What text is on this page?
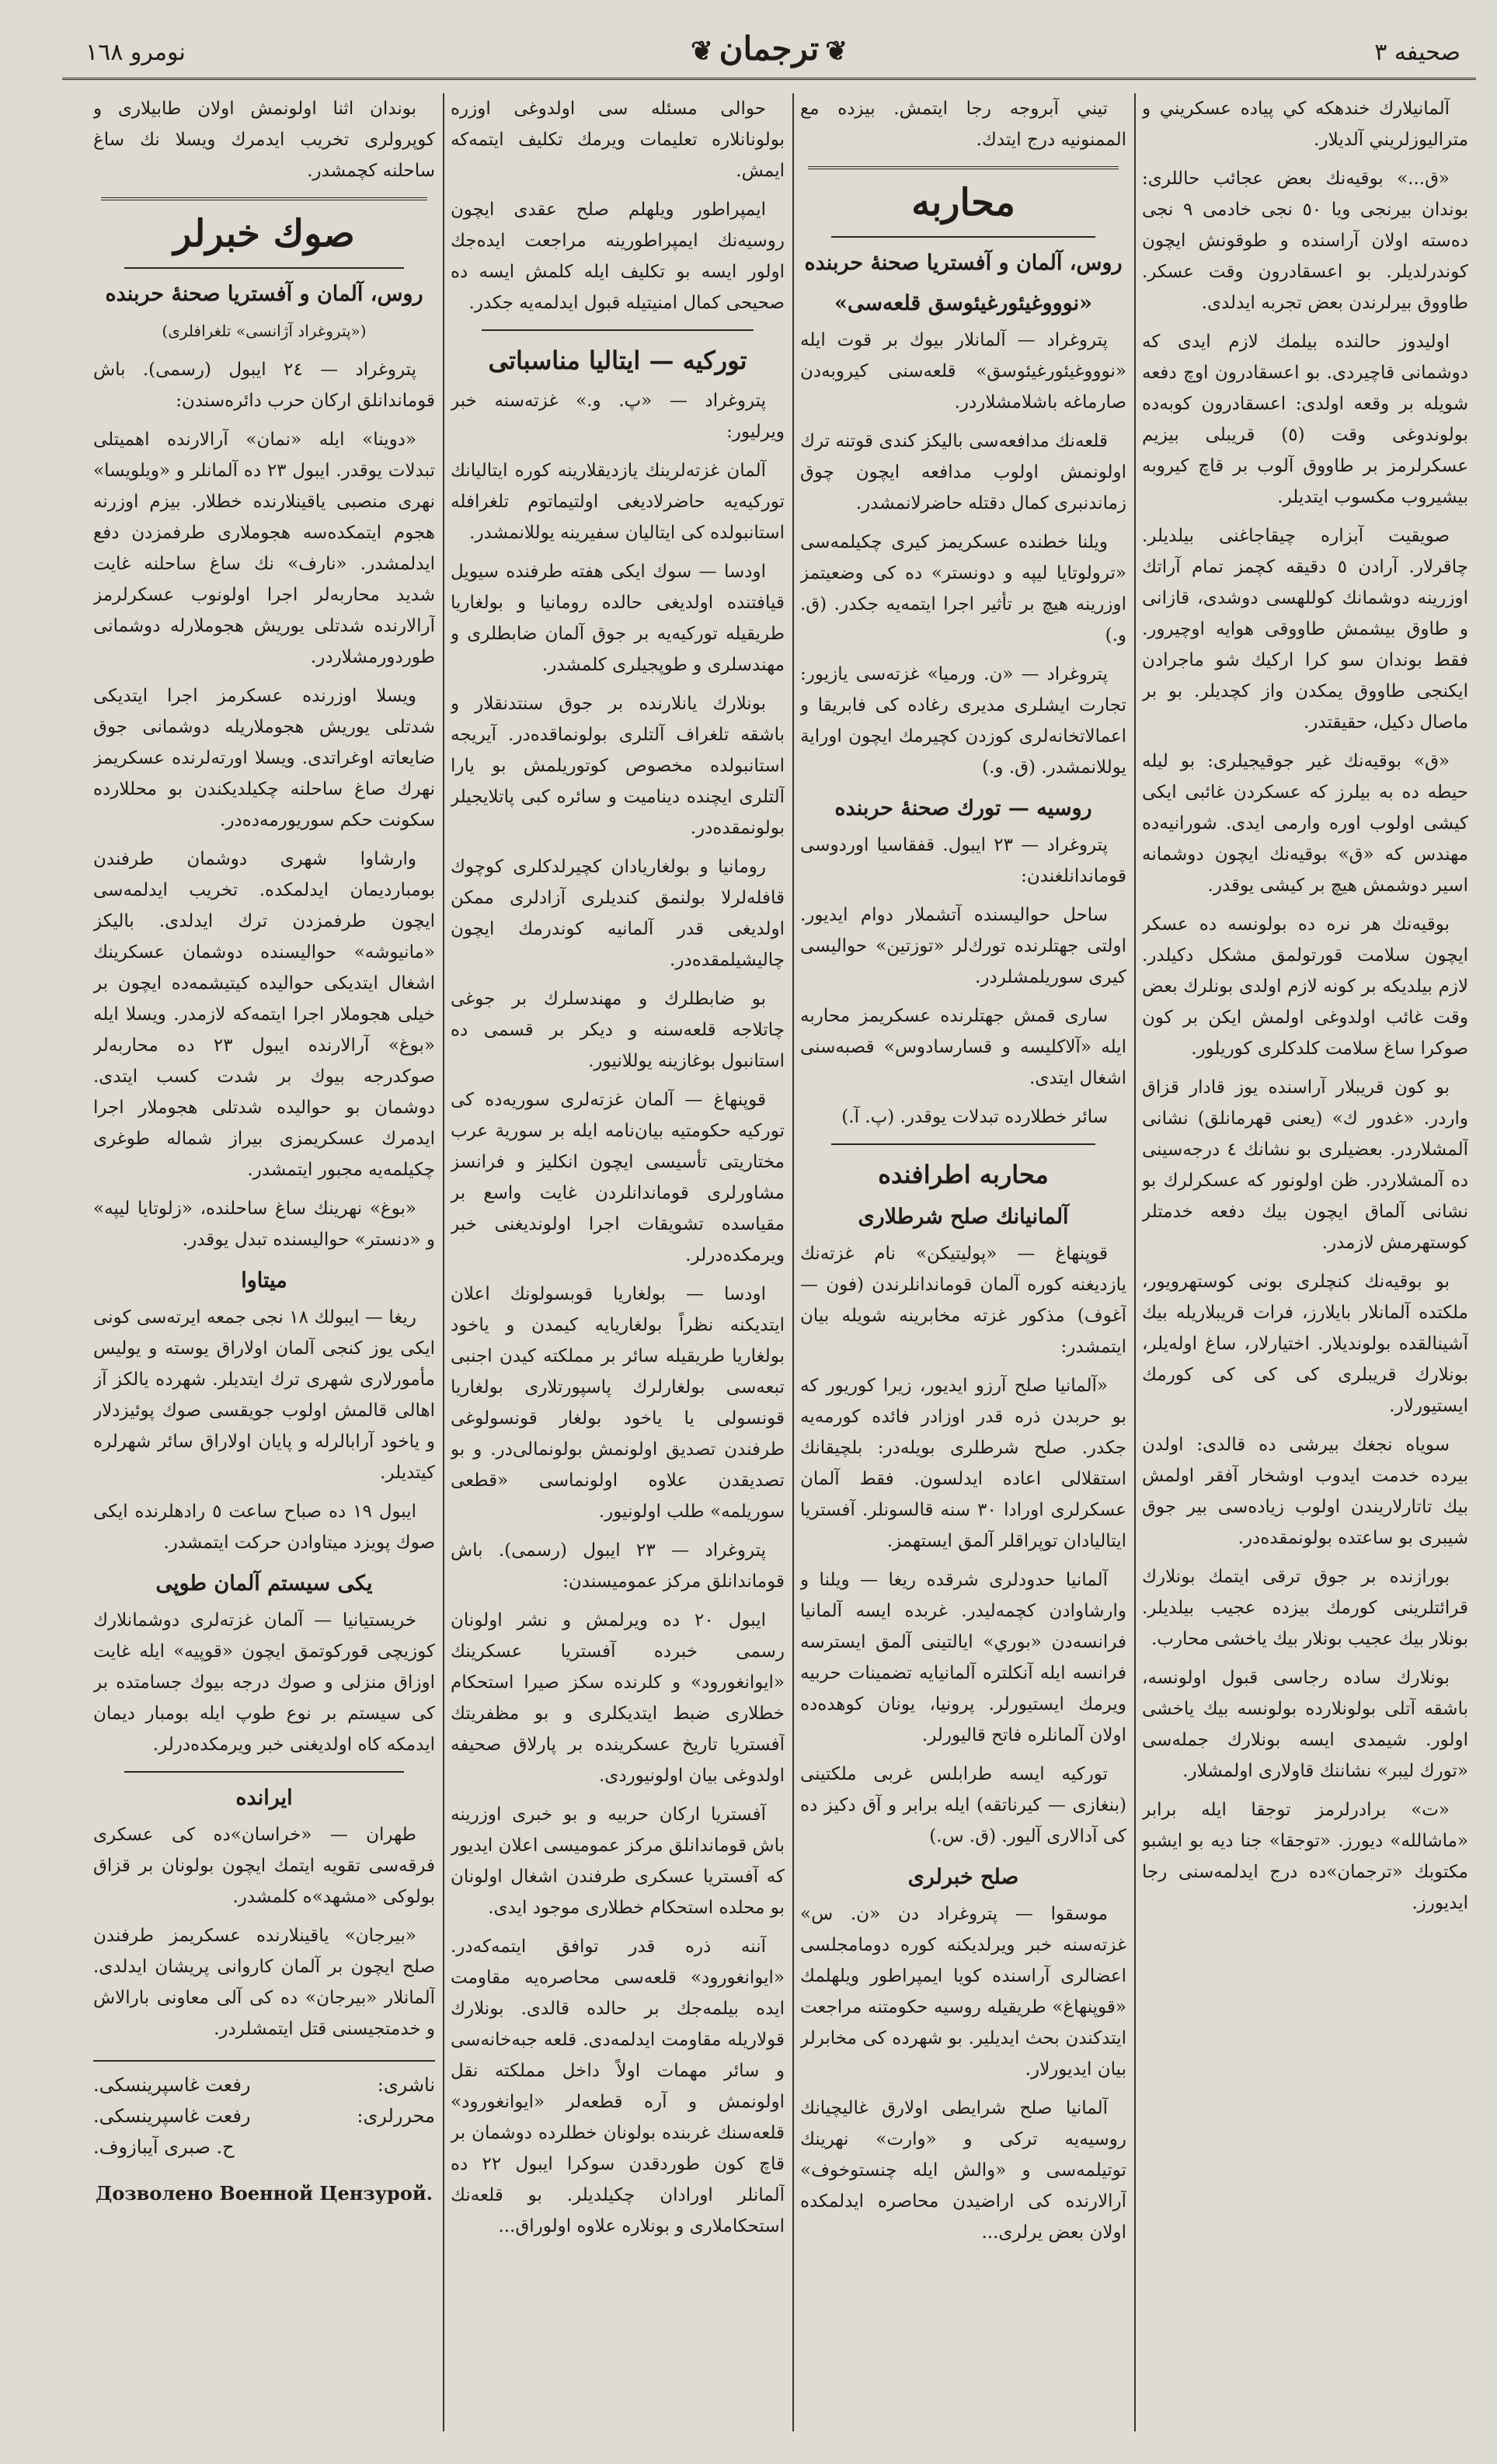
صحيفه ٣
❦ترجمان❦
نومرو ١٦٨

آلمانيلارك خندهكه كي پياده عسكريني و متراليوزلريني آلديلار.

«ق...» بوقيه‌نك بعض عجائب حاللرى: بوندان بيرنجى ويا ٥٠ نجى خادمى ٩ نجى ده‌سته اولان آراسنده و طوقونش ايچون كوندرلديلر. بو اعسقادرون وقت عسكر. طاووق بيرلرندن بعض تجربه ايدلدى.

اوليدوز حالنده بيلمك لازم ايدى كه دوشمانى قاچيردى. بو اعسقادرون اوچ دفعه شويله بر وقعه اولدى: اعسقادرون كوبه‌ده بولوندوغى وقت (٥) قريبلى بيزيم عسكرلرمز بر طاووق آلوب بر قاچ كيروبه بيشيروب مكسوب ايتديلر.

صويقيت آبزاره چيقاجاغنى بيلديلر. چاقرلار. آرادن ٥ دقيقه كچمز تمام آراتك اوزرينه دوشمانك كوللهسى دوشدى، قازانى و طاوق بيشمش طاووقى هوايه اوچيرور. فقط بوندان سو كرا اركيك شو ماجرادن ايكنجى طاووق يمكدن واز كچديلر. بو بر ماصال دكيل، حقيقتدر.

«ق» بوقيه‌نك غير جوقيجيلرى: بو ليله حيطه ده به بيلرز كه عسكردن غائبى ايكى كيشى اولوب اوره وارمى ايدى. شورانيه‌ده مهندس كه «ق» بوقيه‌نك ايچون دوشمانه اسير دوشمش هيچ بر كيشى يوقدر.

بوقيه‌نك هر نره ده بولونسه ده عسكر ايچون سلامت قورتولمق مشكل دكيلدر. لازم بيلديكه بر كونه لازم اولدى بونلرك بعض وقت غائب اولدوغى اولمش ايكن بر كون صوكرا ساغ سلامت كلدكلرى كوريلور.

بو كون قريبلار آراسنده يوز قادار قزاق واردر. «غدور ك» (يعنى قهرمانلق) نشانى آلمشلاردر. بعضيلرى بو نشانك ٤ درجه‌سينى ده آلمشلاردر. ظن اولونور كه عسكرلرك بو نشانى آلماق ايچون بيك دفعه خدمتلر كوستهرمش لازمدر.

بو بوقيه‌نك كنچلرى بونى كوستهرويور، ملكتده آلمانلار بايلارز، فرات قريبلاريله بيك آشينالقده بولونديلار. اختيارلار، ساغ اوله‌يلر، بونلارك قريبلرى كى كى كى كورمك ايستيورلار.

سوياه نجغك بيرشى ده قالدى: اولدن بيرده خدمت ايدوب اوشخار آفقر اولمش بيك تاتارلاريندن اولوب زياده‌سى بير جوق شيبرى بو ساعتده بولونمقده‌در.

بورازنده بر جوق ترقى ايتمك بونلارك قرائتلرينى كورمك بيزده عجيب بيلديلر. بونلار بيك عجيب بونلار بيك ياخشى محارب.

بونلارك ساده رجاسى قبول اولونسه، باشقه آتلى بولونلارده بولونسه بيك ياخشى اولور. شيمدى ايسه بونلارك جمله‌سى «تورك ليبر» نشاننك قاولارى اولمشلار.

«ت» برادرلرمز توجقا ايله برابر «ماشالله» ديورز. «توجقا» جنا ديه بو ايشبو مكتوبك «ترجمان»ده درج ايدلمه‌سنى رجا ايديورز.

تيني آبروجه رجا ايتمش. بيزده مع الممنونيه درج ايتدك.

محاربه
روس، آلمان و آفستريا صحنهٔ حربنده
«نوووغيئورغيئوسق قلعه‌سى»

پتروغراد — آلمانلار بيوك بر قوت ايله «نوووغيئورغيئوسق» قلعه‌سنى كيروبه‌دن صارماغه باشلامشلاردر.

قلعه‌نك مدافعه‌سى باليكز كندى قوتنه ترك اولونمش اولوب مدافعه ايچون چوق زماندنبرى كمال دقتله حاضرلانمشدر.

ويلنا خطنده عسكريمز كيرى چكيلمه‌سى «ترولوتايا ليپه و دونستر» ده كى وضعيتمز اوزرينه هيچ بر تأثير اجرا ايتمه‌يه جكدر. (ق. و.)

پتروغراد — «ن. ورميا» غزته‌سى يازيور: تجارت ايشلرى مديرى رغاده كى فابريقا و اعمالاتخانه‌لرى كوزدن كچيرمك ايچون اوراية يوللانمشدر. (ق. و.)

روسيه — تورك صحنهٔ حربنده

پتروغراد — ٢٣ ايبول. قفقاسيا اوردو‌سى قوماندانلغندن:

ساحل حواليسنده آتشملار دوام ايديور. اولتى جهتلرنده تورك‌لر «توزتين» حواليسى كيرى سوريلمشلردر.

سارى قمش جهتلرنده عسكريمز محاربه ايله «آلاكليسه و قسارسادوس» قصبه‌سنى اشغال ايتدى.

سائر خطلارده تبدلات يوقدر. (پ. آ.)

محاربه اطرافنده
آلمانيانك صلح شرطلارى

قوپنهاغ — «پوليتيكن» نام غزته‌نك يازديغنه كوره آلمان قوماندانلرندن (فون — آغوف) مذكور غزته مخابرينه شويله بيان ايتمشدر:

«آلمانيا صلح آرزو ايديور، زيرا كوريور كه بو حربدن ذره قدر اوزادر فائده كورمه‌يه جكدر. صلح شرطلرى بويله‌در: بلچيقانك استقلالى اعاده ايدلسون. فقط آلمان عسكرلرى اورادا ٣٠ سنه قالسونلر. آفستريا ايتاليادان توپراقلر آلمق ايستهمز.

آلمانيا حدودلرى شرقده ريغا — ويلنا و وارشاوادن كچمه‌ليدر. غربده ايسه آلمانيا فرانسه‌دن «بوري» ايالتينى آلمق ايسترسه فرانسه ايله آنكلتره آلمانيايه تضمينات حربيه ويرمك ايستيورلر. پرونيا، يونان كوهده‌ده اولان آلمانلره فاتح قاليورلر.

توركيه ايسه طرابلس غربى ملكتينى (بنغازى — كيرناتقه) ايله برابر و آق دكيز ده كى آدالارى آليور. (ق. س.)

صلح خبرلرى

موسقوا — پتروغراد دن «ن. س» غزته‌سنه خبر ويرلديكنه كوره دومامجلسى اعضالرى آراسنده كويا ايمپراطور ويلهلمك «قوپنهاغ» طريقيله روسيه حكومتنه مراجعت ايتدكندن بحث ايديلير. بو شهرده كى مخابرلر بيان ايديورلار.

آلمانيا صلح شرايطى اولارق غاليچيانك روسيه‌يه تركى و «وارت» نهرينك توتيلمه‌سى و «والش ايله چنستوخوف» آرالارنده كى اراضيدن محاصره ايدلمكده اولان بعض يرلرى...

حوالى مسئله سى اولدوغى اوزره بولونانلاره تعليمات ويرمك تكليف ايتمه‌كه ايمش.

ايمپراطور ويلهلم صلح عقدى ايچون روسيه‌نك ايمپراطورينه مراجعت ايده‌جك اولور ايسه بو تكليف ايله كلمش ايسه ده صحيحى كمال امنيتيله قبول ايدلمه‌يه جكدر.

توركيه — ايتاليا مناسباتى

پتروغراد — «پ. و.» غزته‌سنه خبر ويرليور:

آلمان غزته‌لرينك يازديقلارينه كوره ايتاليانك توركيه‌يه حاضرلاديغى اولتيماتوم تلغرافله استانبولده كى ايتاليان سفيرينه يوللانمشدر.

اودسا — سوك ايكى هفته طرفنده سيويل قيافتنده اولديغى حالده رومانيا و بولغاريا طريقيله توركيه‌يه بر جوق آلمان ضابطلرى و مهندسلرى و طوپجيلرى كلمشدر.

بونلارك يانلارنده بر جوق سنتدنقلار و باشقه تلغراف آلتلرى بولونماقده‌در. آيريجه استانبولده مخصوص كوتوريلمش بو يارا آلتلرى ايچنده ديناميت و سائره كبى پاتلايجيلر بولونمقده‌در.

رومانيا و بولغاريادان كچيرلدكلرى كوچوك قافله‌لرلا بولنمق كنديلرى آزادلرى ممكن اولديغى قدر آلمانيه كوندرمك ايچون چاليشيلمقده‌در.

بو ضابطلرك و مهندسلرك بر جوغى چاتلاجه قلعه‌سنه و ديكر بر قسمى ده استانبول بوغازينه يوللانيور.

قوپنهاغ — آلمان غزته‌لرى سوريه‌ده كى توركيه حكومتيه بيان‌نامه ايله بر سورية عرب مختاريتى تأسيسى ايچون انكليز و فرانسز مشاورلرى قوماندانلردن غايت واسع بر مقياسده تشويقات اجرا اولونديغنى خبر ويرمكده‌درلر.

اودسا — بولغاريا قوبسولونك اعلان ايتديكنه نظراً بولغاريايه كيمدن و ياخود بولغاريا طريقيله سائر بر مملكته كيدن اجنبى تبعه‌سى بولغارلرك پاسپورتلارى بولغاريا قونسولى يا ياخود بولغار قونسولوغى طرفندن تصديق اولونمش بولونمالى‌در. و بو تصديقدن علاوه اولونماسى «قطعى سوريلمه» طلب اولونيور.

پتروغراد — ٢٣ ايبول (رسمى). باش قوماندانلق مركز عموميسندن:

ايبول ٢٠ ده ويرلمش و نشر اولونان رسمى خبرده آفستريا عسكرينك «ايوانغورود» و كلرنده سكز صيرا استحكام خطلارى ضبط ايتديكلرى و بو مظفريتك آفستريا تاريخ عسكرينده بر پارلاق صحيفه اولدوغى بيان اولونيوردى.

آفستريا اركان حربيه و بو خبرى اوزرينه باش قوماندانلق مركز عموميسى اعلان ايديور كه آفستريا عسكرى طرفندن اشغال اولونان بو محلده استحكام خطلارى موجود ايدى.

آننه ذره قدر توافق ايتمه‌كه‌در. «ايوانغورود» قلعه‌سى محاصره‌يه مقاومت ايده بيلمه‌جك بر حالده قالدى. بونلارك قولاريله مقاومت ايدلمه‌دى. قلعه جبه‌خانه‌سى و سائر مهمات اولاً داخل مملكته نقل اولونمش و آره قطعه‌لر «ايوانغورود» قلعه‌سنك غربنده بولونان خطلرده دوشمان بر قاچ كون طوردقدن سوكرا ايبول ٢٢ ده آلمانلر اورادان چكيلديلر. بو قلعه‌نك استحكاملارى و بونلاره علاوه اولوراق...

بوندان اثنا اولونمش اولان طابيلارى و كوپرولرى تخريب ايدمرك ويسلا نك ساغ ساحلنه كچمشدر.

صوك خبرلر
روس، آلمان و آفستريا صحنهٔ حربنده
(«پتروغراد آژانسى» تلغرافلرى)

پتروغراد — ٢٤ ايبول (رسمى). باش قوماندانلق اركان حرب دائره‌سندن:

«دوينا» ايله «نمان» آرالارنده اهميتلى تبدلات يوقدر. ايبول ٢٣ ده آلمانلر و «ويلويسا» نهرى منصبى ياقينلارنده خطلار. بيزم اوزرنه هجوم ايتمكده‌سه هجوملارى طرفمزدن دفع ايدلمشدر. «نارف» نك ساغ ساحلنه غايت شديد محاربه‌لر اجرا اولونوب عسكرلرمز آرالارنده شدتلى يوريش هجوملارله دوشمانى طوردورمشلاردر.

ويسلا اوزرنده عسكرمز اجرا ايتديكى شدتلى يوريش هجوملاريله دوشمانى جوق ضايعاته اوغراتدى. ويسلا اورته‌لرنده عسكريمز نهرك صاغ ساحلنه چكيلديكندن بو محللارده سكونت حكم سوريورمه‌ده‌در.

وارشاوا شهرى دوشمان طرفندن بومبارديمان ايدلمكده. تخريب ايدلمه‌سى ايچون طرفمزدن ترك ايدلدى. باليكز «مانيوشه» حواليسنده دوشمان عسكرينك اشغال ايتديكى حواليده كيتيشمه‌ده ايچون بر خيلى هجوملار اجرا ايتمه‌كه لازمدر. ويسلا ايله «بوغ» آرالارنده ايبول ٢٣ ده محاربه‌لر صوكدرجه بيوك بر شدت كسب ايتدى. دوشمان بو حواليده شدتلى هجوملار اجرا ايدمرك عسكريمزى بيراز شماله طوغرى چكيلمه‌يه مجبور ايتمشدر.

«بوغ» نهرينك ساغ ساحلنده، «زلوتايا ليپه» و «دنستر» حواليسنده تبدل يوقدر.

ميتاوا

ريغا — ايبولك ١٨ نجى جمعه ايرته‌سى كونى ايكى يوز كنجى آلمان اولاراق يوسته و يوليس مأمورلارى شهرى ترك ايتديلر. شهرده يالكز آز اهالى قالمش اولوب جويقسى صوك پوئيزدلار و ياخود آرابالرله و پايان اولاراق سائر شهرلره كيتديلر.

ايبول ١٩ ده صباح ساعت ٥ رادهلرنده ايكى صوك پويزد ميتاوادن حركت ايتمشدر.

يكى سيستم آلمان طوپى

خريستيانيا — آلمان غزته‌لرى دوشمانلارك كوزيچى قوركوتمق ايچون «قوپيه» ايله غايت اوزاق منزلى و صوك درجه بيوك جسامتده بر كى سيستم بر نوع طوپ ايله بومبار ديمان ايدمكه كاه اولديغنى خبر ويرمكده‌درلر.

ايرانده

طهران — «خراسان»ده كى عسكرى فرقه‌سى تقويه ايتمك ايچون بولونان بر قزاق بولوكى «مشهد»ه كلمشدر.

«بيرجان» ياقينلارنده عسكريمز طرفندن صلح ايچون بر آلمان كاروانى پريشان ايدلدى. آلمانلار «بيرجان» ده كى آلى معاونى بارالاش و خدمتجيسنى قتل ايتمشلردر.

ناشرى:
رفعت غاسپرينسكى.
محررلرى:
رفعت غاسپرينسكى.
ح. صبرى آيبازوف.
Дозволено Военной Цензурой.
